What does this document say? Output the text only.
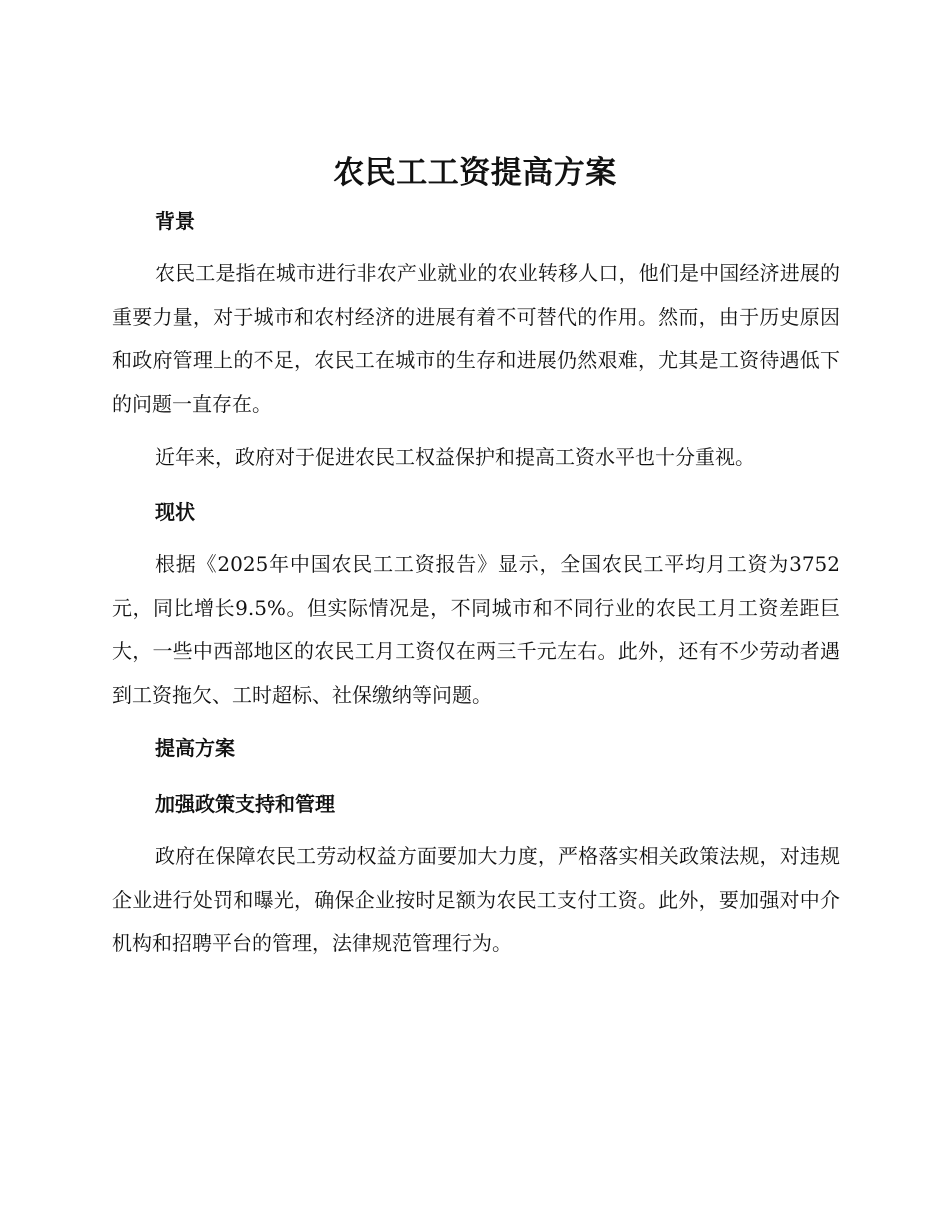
农民工工资提高方案
背景

农民工是指在城市进行非农产业就业的农业转移人口，他们是中国经济进展的重要力量，对于城市和农村经济的进展有着不可替代的作用。然而，由于历史原因和政府管理上的不足，农民工在城市的生存和进展仍然艰难，尤其是工资待遇低下的问题一直存在。

近年来，政府对于促进农民工权益保护和提高工资水平也十分重视。

现状

根据《2025年中国农民工工资报告》显示，全国农民工平均月工资为3752元，同比增长9.5%。但实际情况是，不同城市和不同行业的农民工月工资差距巨大，一些中西部地区的农民工月工资仅在两三千元左右。此外，还有不少劳动者遇到工资拖欠、工时超标、社保缴纳等问题。

提高方案
加强政策支持和管理

政府在保障农民工劳动权益方面要加大力度，严格落实相关政策法规，对违规企业进行处罚和曝光，确保企业按时足额为农民工支付工资。此外，要加强对中介机构和招聘平台的管理，法律规范管理行为。
